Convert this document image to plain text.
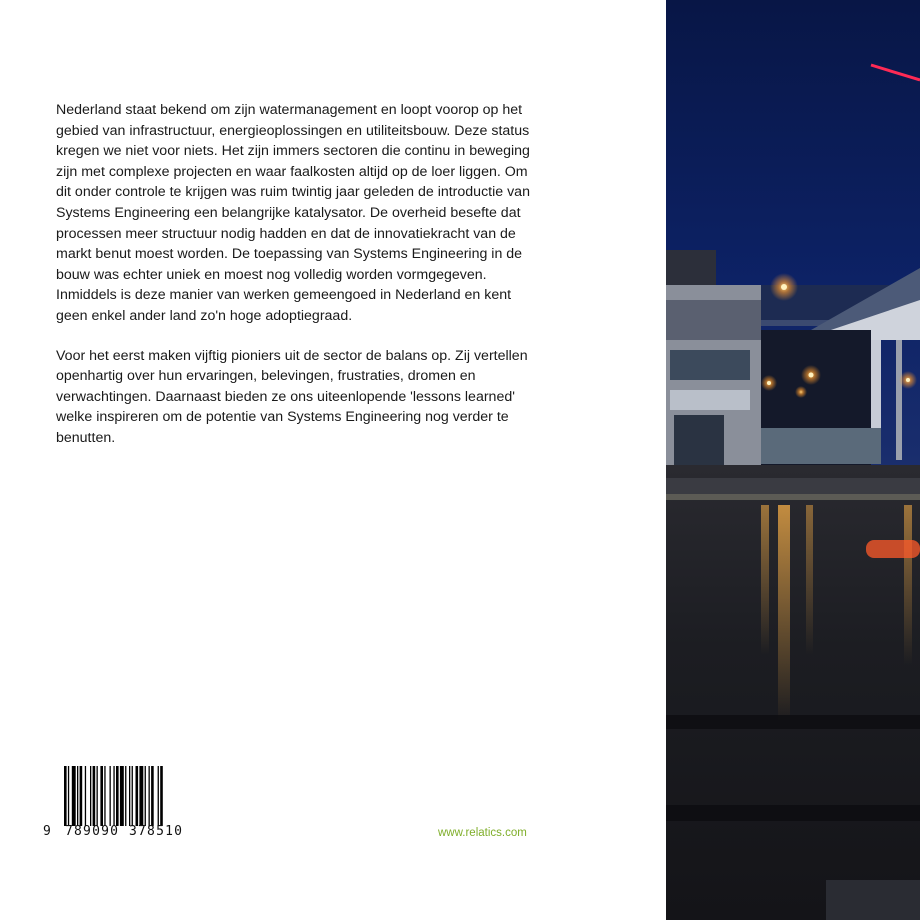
Nederland staat bekend om zijn watermanagement en loopt voorop op het gebied van infrastructuur, energieoplossingen en utiliteitsbouw. Deze status kregen we niet voor niets. Het zijn immers sectoren die continu in beweging zijn met complexe projecten en waar faalkosten altijd op de loer liggen. Om dit onder controle te krijgen was ruim twintig jaar geleden de introductie van Systems Engineering een belangrijke katalysator. De overheid besefte dat processen meer structuur nodig hadden en dat de innovatiekracht van de markt benut moest worden. De toepassing van Systems Engineering in de bouw was echter uniek en moest nog volledig worden vormgegeven. Inmiddels is deze manier van werken gemeengoed in Nederland en kent geen enkel ander land zo'n hoge adoptiegraad.

Voor het eerst maken vijftig pioniers uit de sector de balans op. Zij vertellen openhartig over hun ervaringen, belevingen, frustraties, dromen en verwachtingen. Daarnaast bieden ze ons uiteenlopende 'lessons learned' welke inspireren om de potentie van Systems Engineering nog verder te benutten.

9 789090 378510	www.relatics.com
